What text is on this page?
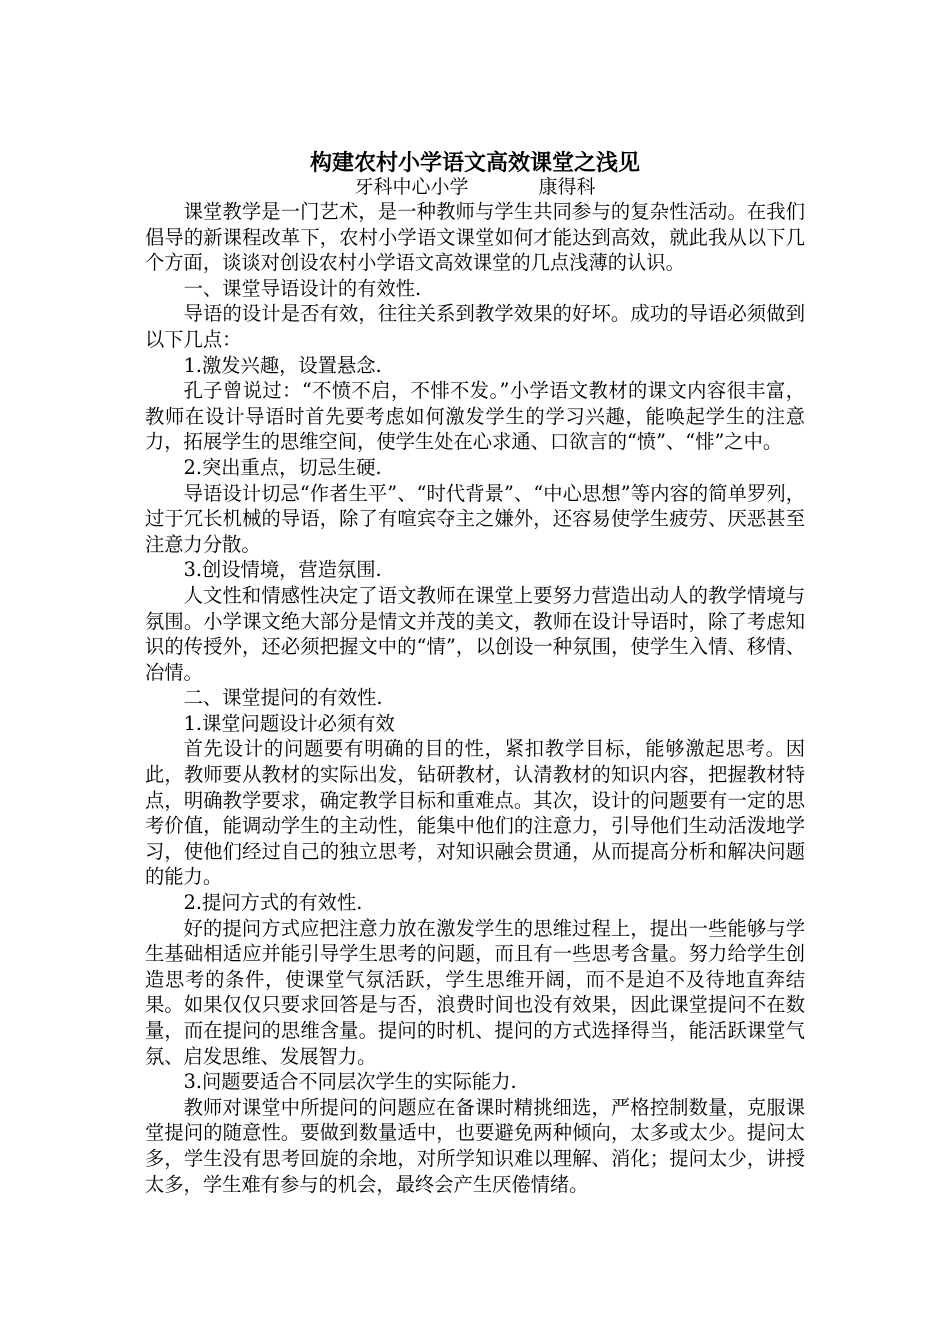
构建农村小学语文高效课堂之浅见
牙科中心小学	康得科

课堂教学是一门艺术，是一种教师与学生共同参与的复杂性活动。在我们倡导的新课程改革下，农村小学语文课堂如何才能达到高效，就此我从以下几个方面，谈谈对创设农村小学语文高效课堂的几点浅薄的认识。

一、课堂导语设计的有效性.

导语的设计是否有效，往往关系到教学效果的好坏。成功的导语必须做到以下几点：

1.激发兴趣，设置悬念.

孔子曾说过：“不愤不启，不悱不发。”小学语文教材的课文内容很丰富，教师在设计导语时首先要考虑如何激发学生的学习兴趣，能唤起学生的注意力，拓展学生的思维空间，使学生处在心求通、口欲言的“愤”、“悱”之中。

2.突出重点，切忌生硬.

导语设计切忌“作者生平”、“时代背景”、“中心思想”等内容的简单罗列，过于冗长机械的导语，除了有喧宾夺主之嫌外，还容易使学生疲劳、厌恶甚至注意力分散。

3.创设情境，营造氛围.

人文性和情感性决定了语文教师在课堂上要努力营造出动人的教学情境与氛围。小学课文绝大部分是情文并茂的美文，教师在设计导语时，除了考虑知识的传授外，还必须把握文中的“情”，以创设一种氛围，使学生入情、移情、冶情。

二、课堂提问的有效性.

1.课堂问题设计必须有效

首先设计的问题要有明确的目的性，紧扣教学目标，能够激起思考。因此，教师要从教材的实际出发，钻研教材，认清教材的知识内容，把握教材特点，明确教学要求，确定教学目标和重难点。其次，设计的问题要有一定的思考价值，能调动学生的主动性，能集中他们的注意力，引导他们生动活泼地学习，使他们经过自己的独立思考，对知识融会贯通，从而提高分析和解决问题的能力。

2.提问方式的有效性.

好的提问方式应把注意力放在激发学生的思维过程上，提出一些能够与学生基础相适应并能引导学生思考的问题，而且有一些思考含量。努力给学生创造思考的条件，使课堂气氛活跃，学生思维开阔，而不是迫不及待地直奔结果。如果仅仅只要求回答是与否，浪费时间也没有效果，因此课堂提问不在数量，而在提问的思维含量。提问的时机、提问的方式选择得当，能活跃课堂气氛、启发思维、发展智力。

3.问题要适合不同层次学生的实际能力.

教师对课堂中所提问的问题应在备课时精挑细选，严格控制数量，克服课堂提问的随意性。要做到数量适中，也要避免两种倾向，太多或太少。提问太多，学生没有思考回旋的余地，对所学知识难以理解、消化；提问太少，讲授太多，学生难有参与的机会，最终会产生厌倦情绪。
